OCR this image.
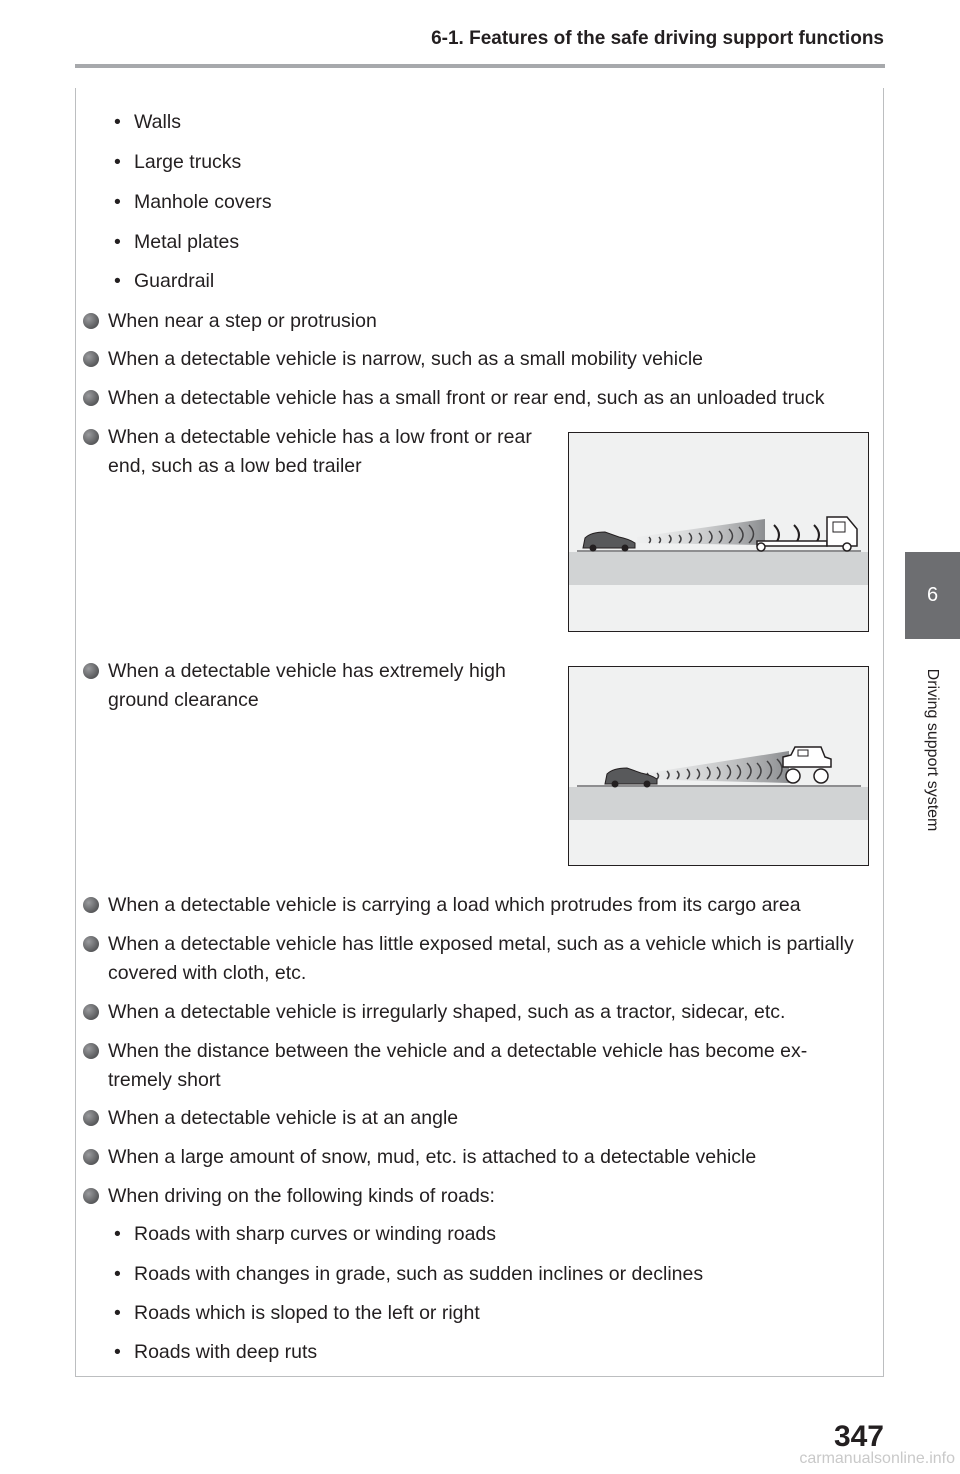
6-1. Features of the safe driving support functions
• Walls
• Large trucks
• Manhole covers
• Metal plates
• Guardrail
When near a step or protrusion
When a detectable vehicle is narrow, such as a small mobility vehicle
When a detectable vehicle has a small front or rear end, such as an unloaded truck
When a detectable vehicle has a low front or rear
end, such as a low bed trailer
When a detectable vehicle has extremely high
ground clearance
When a detectable vehicle is carrying a load which protrudes from its cargo area
When a detectable vehicle has little exposed metal, such as a vehicle which is partially
covered with cloth, etc.
When a detectable vehicle is irregularly shaped, such as a tractor, sidecar, etc.
When the distance between the vehicle and a detectable vehicle has become ex-
tremely short
When a detectable vehicle is at an angle
When a large amount of snow, mud, etc. is attached to a detectable vehicle
When driving on the following kinds of roads:
• Roads with sharp curves or winding roads
• Roads with changes in grade, such as sudden inclines or declines
• Roads which is sloped to the left or right
• Roads with deep ruts
6
Driving support system
347
carmanualsonline.info
